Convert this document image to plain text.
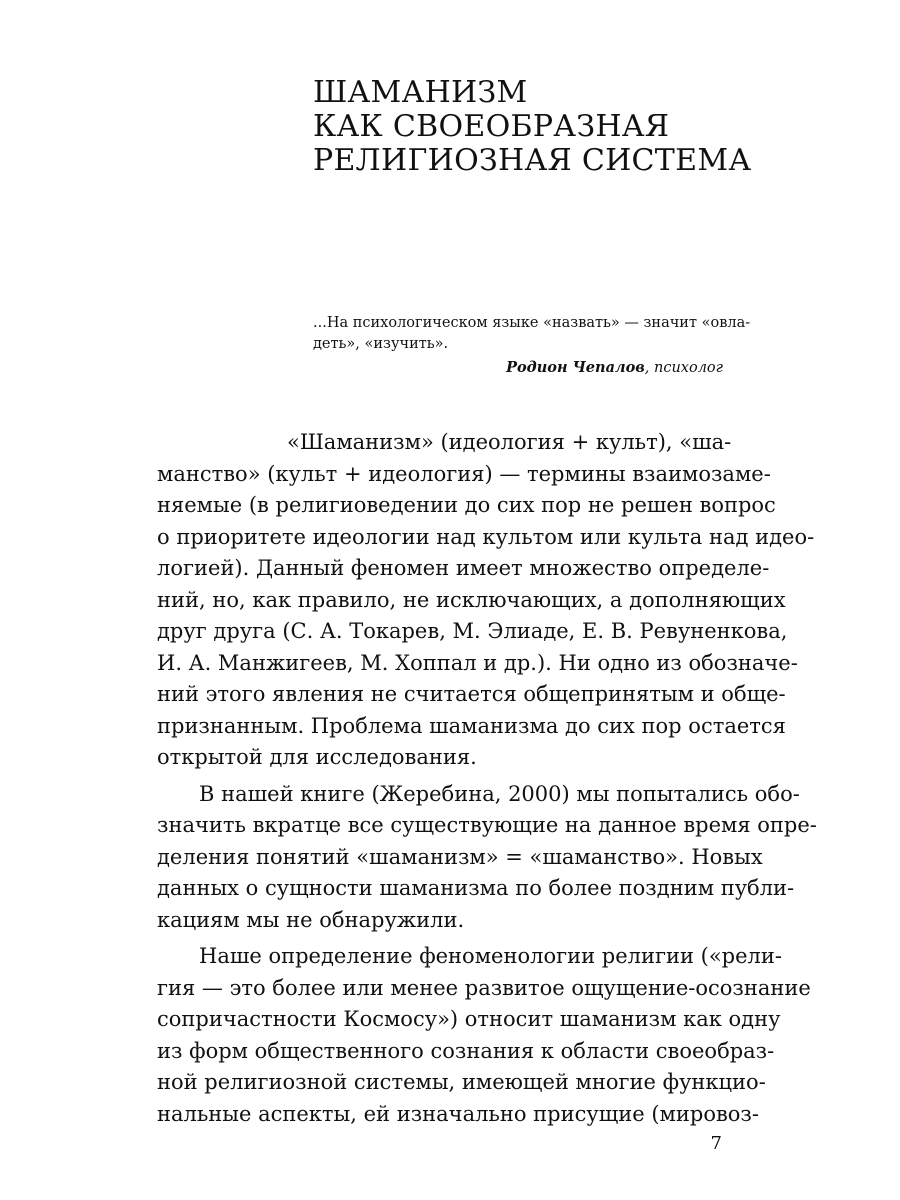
ШАМАНИЗМ
КАК СВОЕОБРАЗНАЯ
РЕЛИГИОЗНАЯ СИСТЕМА
...На психологическом языке «назвать» — значит «овла-
деть», «изучить».
Родион Чепалов, психолог
«Шаманизм» (идеология + культ), «ша-
манство» (культ + идеология) — термины взаимозаме-
няемые (в религиоведении до сих пор не решен вопрос
о приоритете идеологии над культом или культа над идео-
логией). Данный феномен имеет множество определе-
ний, но, как правило, не исключающих, а дополняющих
друг друга (С. А. Токарев, М. Элиаде, Е. В. Ревуненкова,
И. А. Манжигеев, М. Хоппал и др.). Ни одно из обозначе-
ний этого явления не считается общепринятым и обще-
признанным. Проблема шаманизма до сих пор остается
открытой для исследования.
В нашей книге (Жеребина, 2000) мы попытались обо-
значить вкратце все существующие на данное время опре-
деления понятий «шаманизм» = «шаманство». Новых
данных о сущности шаманизма по более поздним публи-
кациям мы не обнаружили.
Наше определение феноменологии религии («рели-
гия — это более или менее развитое ощущение-осознание
сопричастности Космосу») относит шаманизм как одну
из форм общественного сознания к области своеобраз-
ной религиозной системы, имеющей многие функцио-
нальные аспекты, ей изначально присущие (мировоз-
7
